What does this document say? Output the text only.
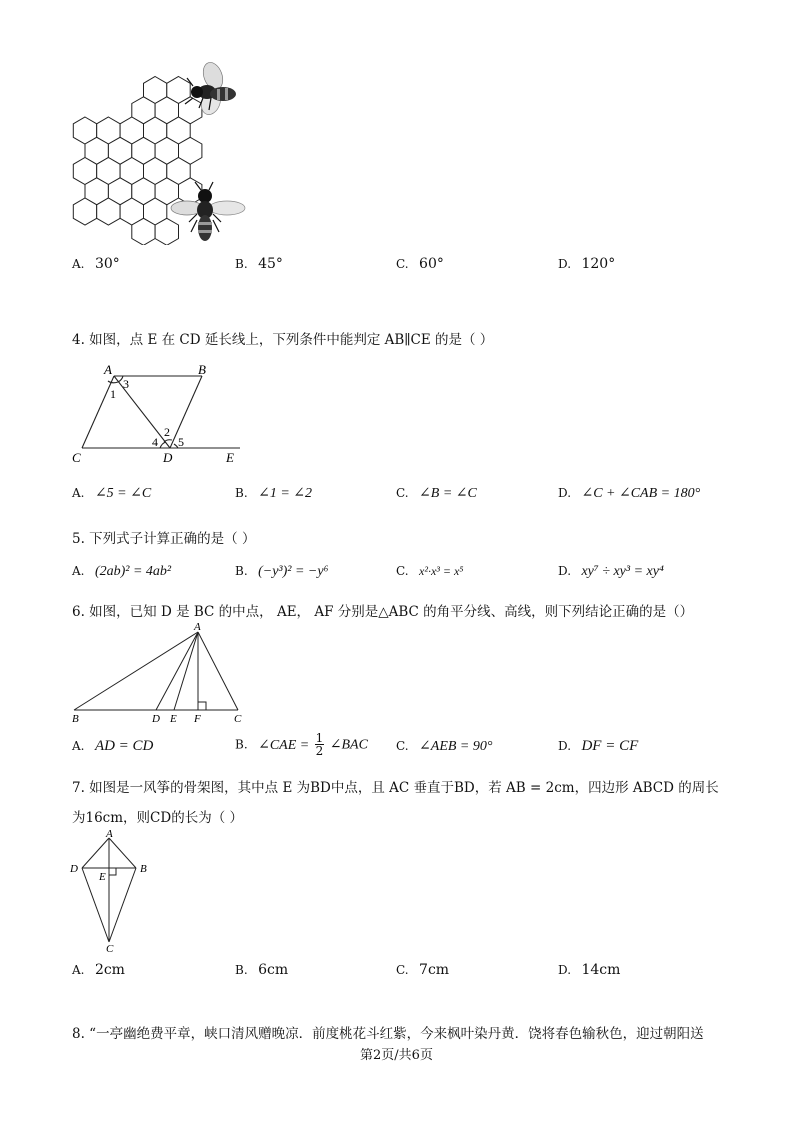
A. 30°	B. 45°	C. 60°	D. 120°
4. 如图，点 E 在 CD 延长线上，下列条件中能判定 AB∥CE 的是（ ）
A	B
C	D	E
1
2
3
4 5
A. ∠5 = ∠C	B. ∠1 = ∠2	C. ∠B = ∠C	D. ∠C + ∠CAB = 180°
5. 下列式子计算正确的是（ ）
A. (2ab)² = 4ab²	B. (−y³)² = −y⁶	C. x²·x³ = x⁵	D. xy⁷ ÷ xy³ = xy⁴
6. 如图，已知 D 是 BC 的中点， AE， AF 分别是△ABC 的角平分线、高线，则下列结论正确的是（）
A
B	D E F	C
A. AD = CD	B. ∠CAE = $\frac{1}{2}$ ∠BAC C. ∠AEB = 90°	D. DF = CF
7. 如图是一风筝的骨架图，其中点 E 为BD中点，且 AC 垂直于BD，若 AB = 2cm，四边形 ABCD 的周长
为16cm，则CD的长为（ ）
A
D	B
E
C
A. 2cm	B. 6cm	C. 7cm	D. 14cm
8. “一亭幽绝费平章，峡口清风赠晚凉．前度桃花斗红紫，今来枫叶染丹黄．饶将春色输秋色，迎过朝阳送
第2页/共6页
